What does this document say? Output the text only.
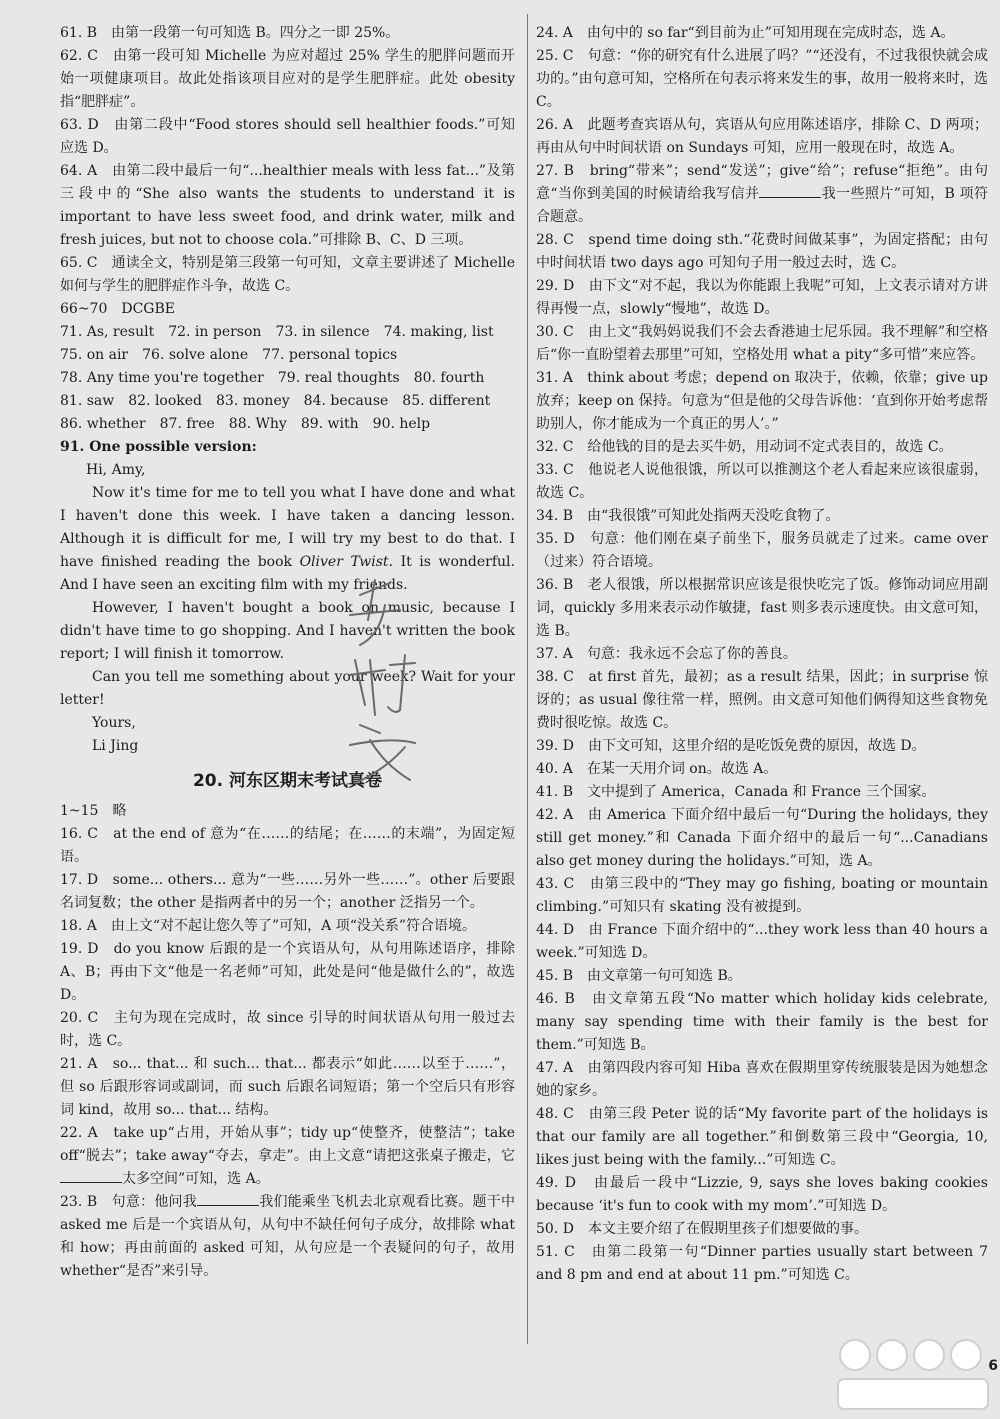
61. B　由第一段第一句可知选 B。四分之一即 25%。

62. C　由第一段可知 Michelle 为应对超过 25% 学生的肥胖问题而开始一项健康项目。故此处指该项目应对的是学生肥胖症。此处 obesity 指“肥胖症”。

63. D　由第二段中“Food stores should sell healthier foods.”可知应选 D。

64. A　由第二段中最后一句“...healthier meals with less fat...”及第三段中的“She also wants the students to understand it is important to have less sweet food, and drink water, milk and fresh juices, but not to choose cola.”可排除 B、C、D 三项。

65. C　通读全文，特别是第三段第一句可知，文章主要讲述了 Michelle 如何与学生的肥胖症作斗争，故选 C。

66~70　DCGBE

71. As, result 72. in person 73. in silence 74. making, list

75. on air 76. solve alone 77. personal topics

78. Any time you're together 79. real thoughts 80. fourth

81. saw 82. looked 83. money 84. because 85. different

86. whether 87. free 88. Why 89. with 90. help

91. One possible version:

Hi, Amy,

Now it's time for me to tell you what I have done and what I haven't done this week. I have taken a dancing lesson. Although it is difficult for me, I will try my best to do that. I have finished reading the book Oliver Twist. It is wonderful. And I have seen an exciting film with my friends.

However, I haven't bought a book on music, because I didn't have time to go shopping. And I haven't written the book report; I will finish it tomorrow.

Can you tell me something about your week? Wait for your letter!

Yours,

Li Jing

20. 河东区期末考试真卷

1~15　略

16. C　at the end of 意为“在……的结尾；在……的末端”，为固定短语。

17. D　some... others... 意为“一些……另外一些……”。other 后要跟名词复数；the other 是指两者中的另一个；another 泛指另一个。

18. A　由上文“对不起让您久等了”可知，A 项“没关系”符合语境。

19. D　do you know 后跟的是一个宾语从句，从句用陈述语序，排除 A、B；再由下文“他是一名老师”可知，此处是问“他是做什么的”，故选 D。

20. C　主句为现在完成时，故 since 引导的时间状语从句用一般过去时，选 C。

21. A　so... that... 和 such... that... 都表示“如此……以至于……”，但 so 后跟形容词或副词，而 such 后跟名词短语；第一个空后只有形容词 kind，故用 so... that... 结构。

22. A　take up“占用，开始从事”；tidy up“使整齐，使整洁”；take off“脱去”；take away“夺去，拿走”。由上文意“请把这张桌子搬走，它太多空间”可知，选 A。

23. B　句意：他问我	我们能乘坐飞机去北京观看比赛。题干中 asked me 后是一个宾语从句，从句中不缺任何句子成分，故排除 what 和 how；再由前面的 asked 可知，从句应是一个表疑问的句子，故用 whether“是否”来引导。

24. A　由句中的 so far“到目前为止”可知用现在完成时态，选 A。

25. C　句意：“你的研究有什么进展了吗？”“还没有，不过我很快就会成功的。”由句意可知，空格所在句表示将来发生的事，故用一般将来时，选 C。

26. A　此题考查宾语从句，宾语从句应用陈述语序，排除 C、D 两项；再由从句中时间状语 on Sundays 可知，应用一般现在时，故选 A。

27. B　bring“带来”；send“发送”；give“给”；refuse“拒绝”。由句意“当你到美国的时候请给我写信并	我一些照片”可知，B 项符合题意。

28. C　spend time doing sth.“花费时间做某事”，为固定搭配；由句中时间状语 two days ago 可知句子用一般过去时，选 C。

29. D　由下文“对不起，我以为你能跟上我呢”可知，上文表示请对方讲得再慢一点，slowly“慢地”，故选 D。

30. C　由上文“我妈妈说我们不会去香港迪士尼乐园。我不理解”和空格后“你一直盼望着去那里”可知，空格处用 what a pity“多可惜”来应答。

31. A　think about 考虑；depend on 取决于，依赖，依靠；give up 放弃；keep on 保持。句意为“但是他的父母告诉他：‘直到你开始考虑帮助别人，你才能成为一个真正的男人’。”

32. C　给他钱的目的是去买牛奶，用动词不定式表目的，故选 C。

33. C　他说老人说他很饿，所以可以推测这个老人看起来应该很虚弱，故选 C。

34. B　由“我很饿”可知此处指两天没吃食物了。

35. D　句意：他们刚在桌子前坐下，服务员就走了过来。came over（过来）符合语境。

36. B　老人很饿，所以根据常识应该是很快吃完了饭。修饰动词应用副词，quickly 多用来表示动作敏捷，fast 则多表示速度快。由文意可知，选 B。

37. A　句意：我永远不会忘了你的善良。

38. C　at first 首先，最初；as a result 结果，因此；in surprise 惊讶的；as usual 像往常一样，照例。由文意可知他们俩得知这些食物免费时很吃惊。故选 C。

39. D　由下文可知，这里介绍的是吃饭免费的原因，故选 D。

40. A　在某一天用介词 on。故选 A。

41. B　文中提到了 America，Canada 和 France 三个国家。

42. A　由 America 下面介绍中最后一句“During the holidays, they still get money.”和 Canada 下面介绍中的最后一句“...Canadians also get money during the holidays.”可知，选 A。

43. C　由第三段中的“They may go fishing, boating or mountain climbing.”可知只有 skating 没有被提到。

44. D　由 France 下面介绍中的“...they work less than 40 hours a week.”可知选 D。

45. B　由文章第一句可知选 B。

46. B　由文章第五段“No matter which holiday kids celebrate, many say spending time with their family is the best for them.”可知选 B。

47. A　由第四段内容可知 Hiba 喜欢在假期里穿传统服装是因为她想念她的家乡。

48. C　由第三段 Peter 说的话“My favorite part of the holidays is that our family are all together.”和倒数第三段中“Georgia, 10, likes just being with the family...”可知选 C。

49. D　由最后一段中“Lizzie, 9, says she loves baking cookies because ‘it's fun to cook with my mom’.”可知选 D。

50. D　本文主要介绍了在假期里孩子们想要做的事。

51. C　由第二段第一句“Dinner parties usually start between 7 and 8 pm and end at about 11 pm.”可知选 C。

6
